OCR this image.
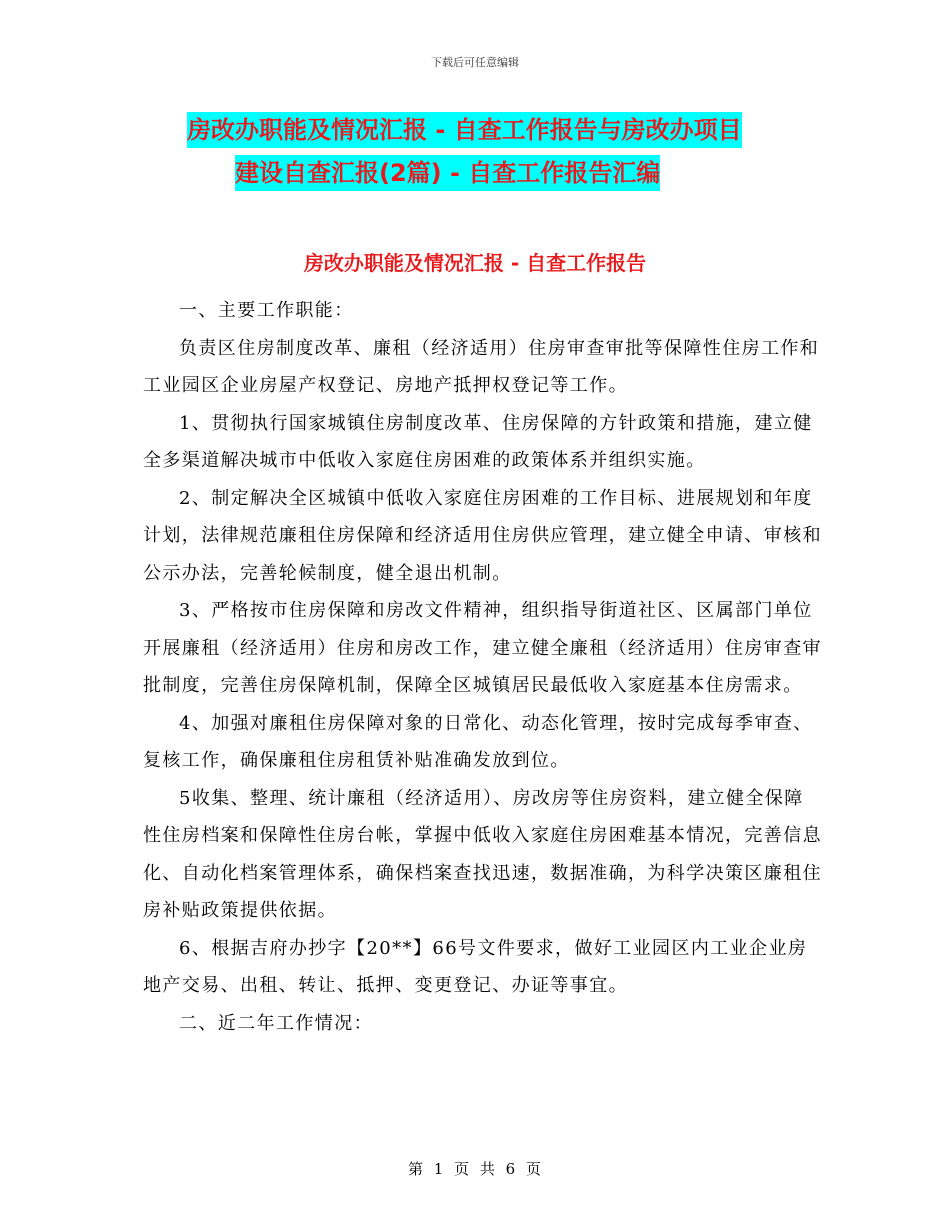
下载后可任意编辑
房改办职能及情况汇报 - 自查工作报告与房改办项目
建设自查汇报(2篇) - 自查工作报告汇编
房改办职能及情况汇报 - 自查工作报告

一、主要工作职能：

负责区住房制度改革、廉租（经济适用）住房审查审批等保障性住房工作和工业园区企业房屋产权登记、房地产抵押权登记等工作。

1、贯彻执行国家城镇住房制度改革、住房保障的方针政策和措施，建立健全多渠道解决城市中低收入家庭住房困难的政策体系并组织实施。

2、制定解决全区城镇中低收入家庭住房困难的工作目标、进展规划和年度计划，法律规范廉租住房保障和经济适用住房供应管理，建立健全申请、审核和公示办法，完善轮候制度，健全退出机制。

3、严格按市住房保障和房改文件精神，组织指导街道社区、区属部门单位开展廉租（经济适用）住房和房改工作，建立健全廉租（经济适用）住房审查审批制度，完善住房保障机制，保障全区城镇居民最低收入家庭基本住房需求。

4、加强对廉租住房保障对象的日常化、动态化管理，按时完成每季审查、复核工作，确保廉租住房租赁补贴准确发放到位。

5收集、整理、统计廉租（经济适用）、房改房等住房资料，建立健全保障性住房档案和保障性住房台帐，掌握中低收入家庭住房困难基本情况，完善信息化、自动化档案管理体系，确保档案查找迅速，数据准确，为科学决策区廉租住房补贴政策提供依据。

6、根据吉府办抄字【20**】66号文件要求，做好工业园区内工业企业房地产交易、出租、转让、抵押、变更登记、办证等事宜。

二、近二年工作情况：

第 1 页 共 6 页
